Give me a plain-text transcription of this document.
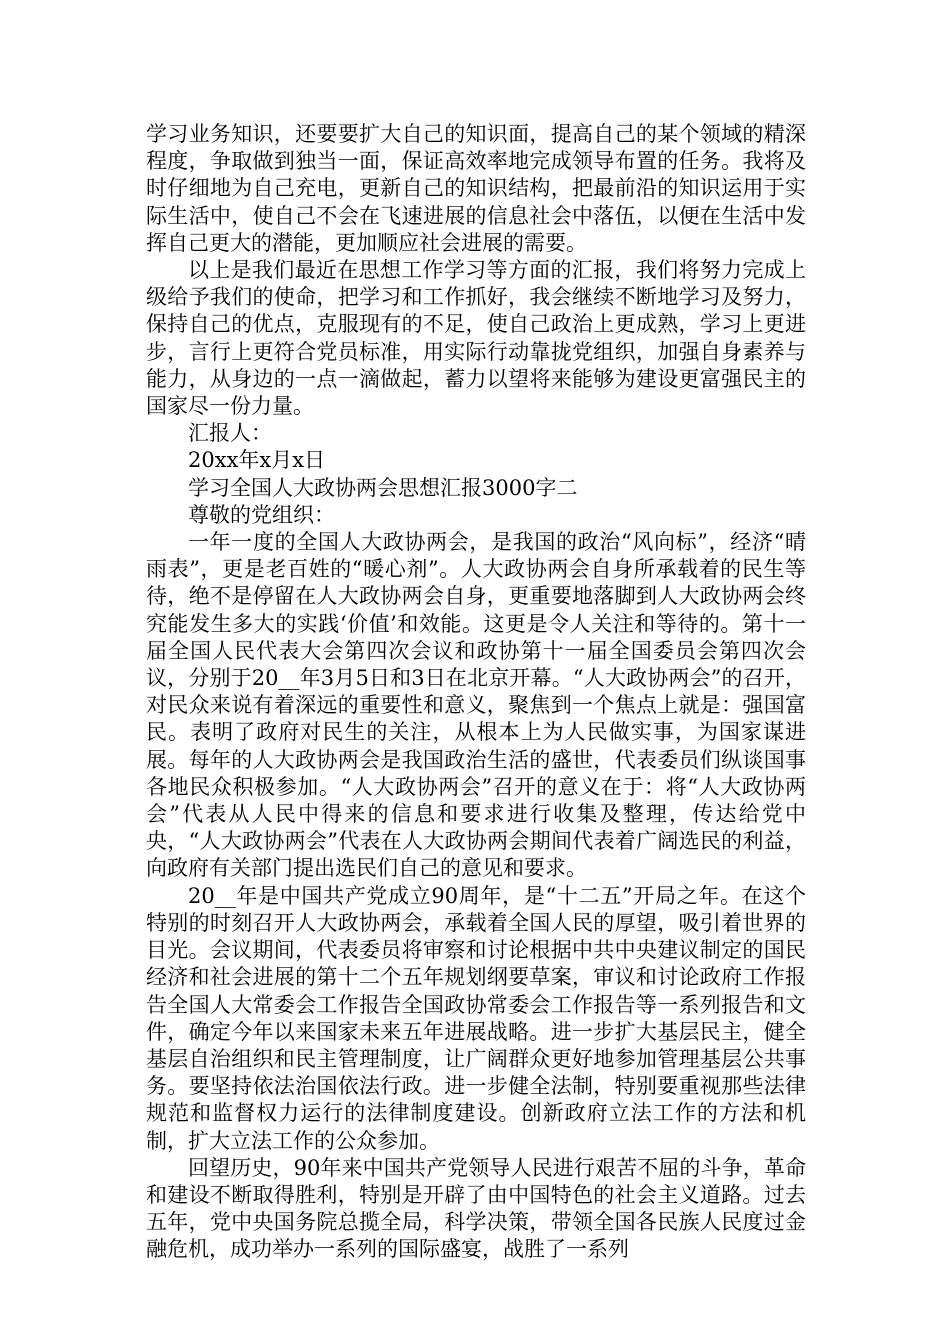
学习业务知识，还要要扩大自己的知识面，提高自己的某个领域的精深程度，争取做到独当一面，保证高效率地完成领导布置的任务。我将及时仔细地为自己充电，更新自己的知识结构，把最前沿的知识运用于实际生活中，使自己不会在飞速进展的信息社会中落伍，以便在生活中发挥自己更大的潜能，更加顺应社会进展的需要。

以上是我们最近在思想工作学习等方面的汇报，我们将努力完成上级给予我们的使命，把学习和工作抓好，我会继续不断地学习及努力，保持自己的优点，克服现有的不足，使自己政治上更成熟，学习上更进步，言行上更符合党员标准，用实际行动靠拢党组织，加强自身素养与能力，从身边的一点一滴做起，蓄力以望将来能够为建设更富强民主的国家尽一份力量。

汇报人：

20xx年x月x日

学习全国人大政协两会思想汇报3000字二

尊敬的党组织：

一年一度的全国人大政协两会，是我国的政治“风向标”，经济“晴雨表”，更是老百姓的“暖心剂”。人大政协两会自身所承载着的民生等待，绝不是停留在人大政协两会自身，更重要地落脚到人大政协两会终究能发生多大的实践‘价值’和效能。这更是令人关注和等待的。第十一届全国人民代表大会第四次会议和政协第十一届全国委员会第四次会议，分别于20__年3月5日和3日在北京开幕。“人大政协两会”的召开，对民众来说有着深远的重要性和意义，聚焦到一个焦点上就是：强国富民。表明了政府对民生的关注，从根本上为人民做实事，为国家谋进展。每年的人大政协两会是我国政治生活的盛世，代表委员们纵谈国事各地民众积极参加。“人大政协两会”召开的意义在于：将“人大政协两会”代表从人民中得来的信息和要求进行收集及整理，传达给党中央，“人大政协两会”代表在人大政协两会期间代表着广阔选民的利益，向政府有关部门提出选民们自己的意见和要求。

20__年是中国共产党成立90周年，是“十二五”开局之年。在这个特别的时刻召开人大政协两会，承载着全国人民的厚望，吸引着世界的目光。会议期间，代表委员将审察和讨论根据中共中央建议制定的国民经济和社会进展的第十二个五年规划纲要草案，审议和讨论政府工作报告全国人大常委会工作报告全国政协常委会工作报告等一系列报告和文件，确定今年以来国家未来五年进展战略。进一步扩大基层民主，健全基层自治组织和民主管理制度，让广阔群众更好地参加管理基层公共事务。要坚持依法治国依法行政。进一步健全法制，特别要重视那些法律规范和监督权力运行的法律制度建设。创新政府立法工作的方法和机制，扩大立法工作的公众参加。

回望历史，90年来中国共产党领导人民进行艰苦不屈的斗争，革命和建设不断取得胜利，特别是开辟了由中国特色的社会主义道路。过去五年，党中央国务院总揽全局，科学决策，带领全国各民族人民度过金融危机，成功举办一系列的国际盛宴，战胜了一系列
